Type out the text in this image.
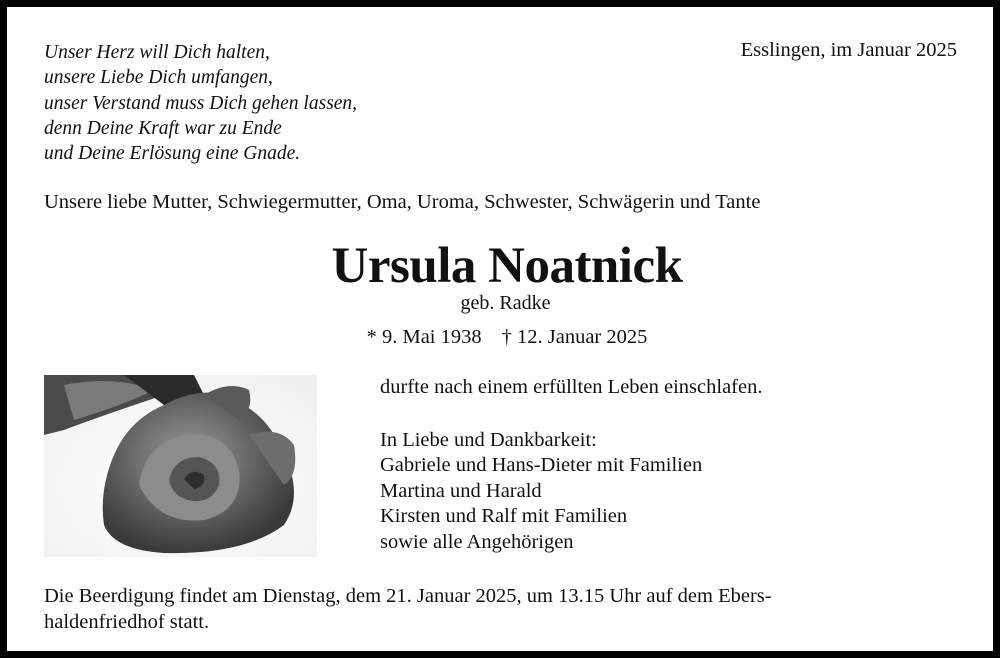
Unser Herz will Dich halten,
unsere Liebe Dich umfangen,
unser Verstand muss Dich gehen lassen,
denn Deine Kraft war zu Ende
und Deine Erlösung eine Gnade.
Esslingen, im Januar 2025
Unsere liebe Mutter, Schwiegermutter, Oma, Uroma, Schwester, Schwägerin und Tante
Ursula Noatnick
geb. Radke
* 9. Mai 1938 † 12. Januar 2025
durfte nach einem erfüllten Leben einschlafen.
In Liebe und Dankbarkeit:
Gabriele und Hans-Dieter mit Familien
Martina und Harald
Kirsten und Ralf mit Familien
sowie alle Angehörigen
Die Beerdigung findet am Dienstag, dem 21. Januar 2025, um 13.15 Uhr auf dem Ebers-
haldenfriedhof statt.
